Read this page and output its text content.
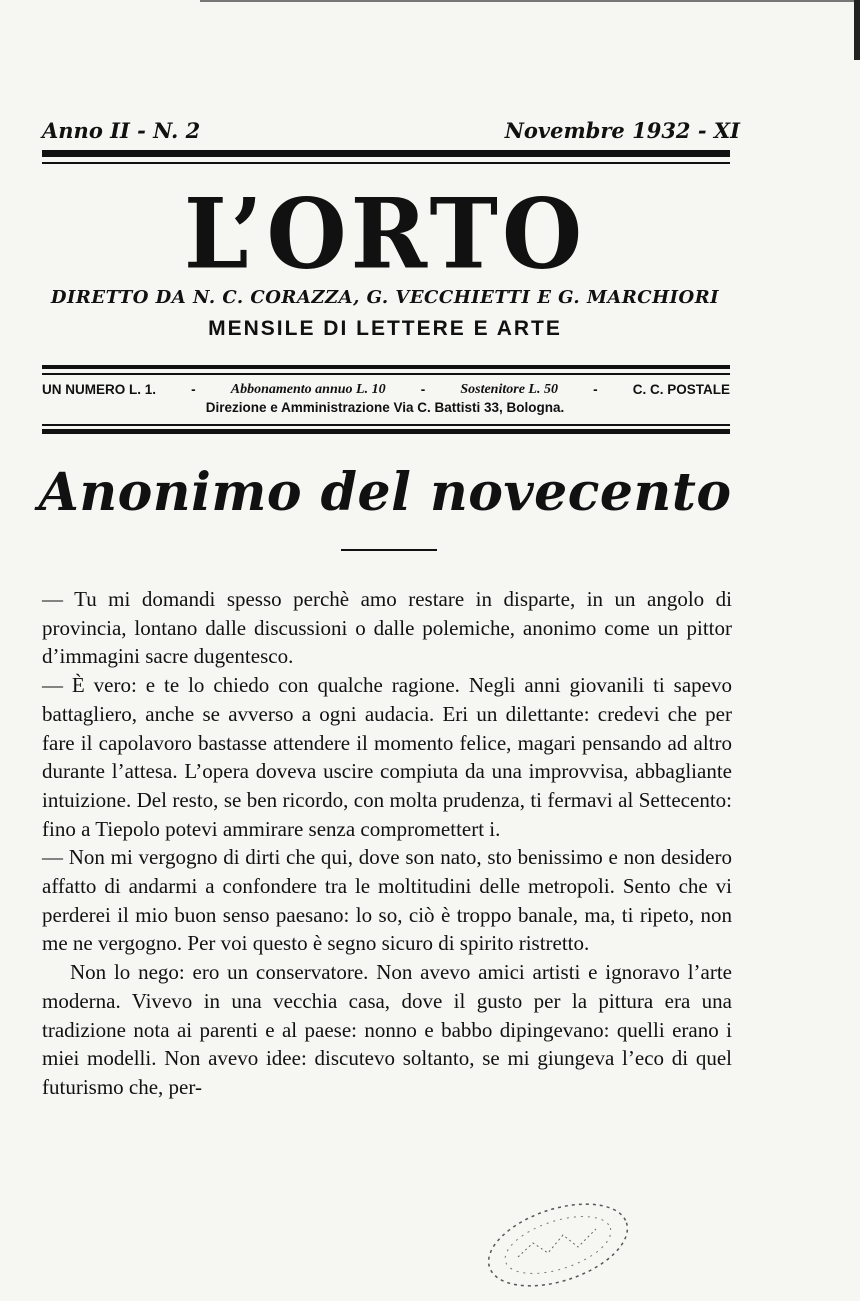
Anno II - N. 2	Novembre 1932 - XI
L’ORTO
DIRETTO DA N. C. CORAZZA, G. VECCHIETTI E G. MARCHIORI
MENSILE DI LETTERE E ARTE
UN NUMERO L. 1.	-	Abbonamento annuo L. 10	-	Sostenitore L. 50	-	C. C. POSTALE
Direzione e Amministrazione Via C. Battisti 33, Bologna.
Anonimo del novecento

— Tu mi domandi spesso perchè amo restare in disparte, in un angolo di provincia, lontano dalle discussioni o dalle polemiche, anonimo come un pittor d’immagini sacre dugentesco.

— È vero: e te lo chiedo con qualche ragione. Negli anni giovanili ti sapevo battagliero, anche se avverso a ogni audacia. Eri un dilettante: credevi che per fare il capolavoro bastasse attendere il momento felice, magari pensando ad altro durante l’attesa. L’opera doveva uscire compiuta da una improvvisa, abbagliante intuizione. Del resto, se ben ricordo, con molta prudenza, ti fermavi al Settecento: fino a Tiepolo potevi ammirare senza compromettert i.

— Non mi vergogno di dirti che qui, dove son nato, sto benissimo e non desidero affatto di andarmi a confondere tra le moltitudini delle metropoli. Sento che vi perderei il mio buon senso paesano: lo so, ciò è troppo banale, ma, ti ripeto, non me ne vergogno. Per voi questo è segno sicuro di spirito ristretto.

Non lo nego: ero un conservatore. Non avevo amici artisti e ignoravo l’arte moderna. Vivevo in una vecchia casa, dove il gusto per la pittura era una tradizione nota ai parenti e al paese: nonno e babbo dipingevano: quelli erano i miei modelli. Non avevo idee: discutevo soltanto, se mi giungeva l’eco di quel futurismo che, per-
